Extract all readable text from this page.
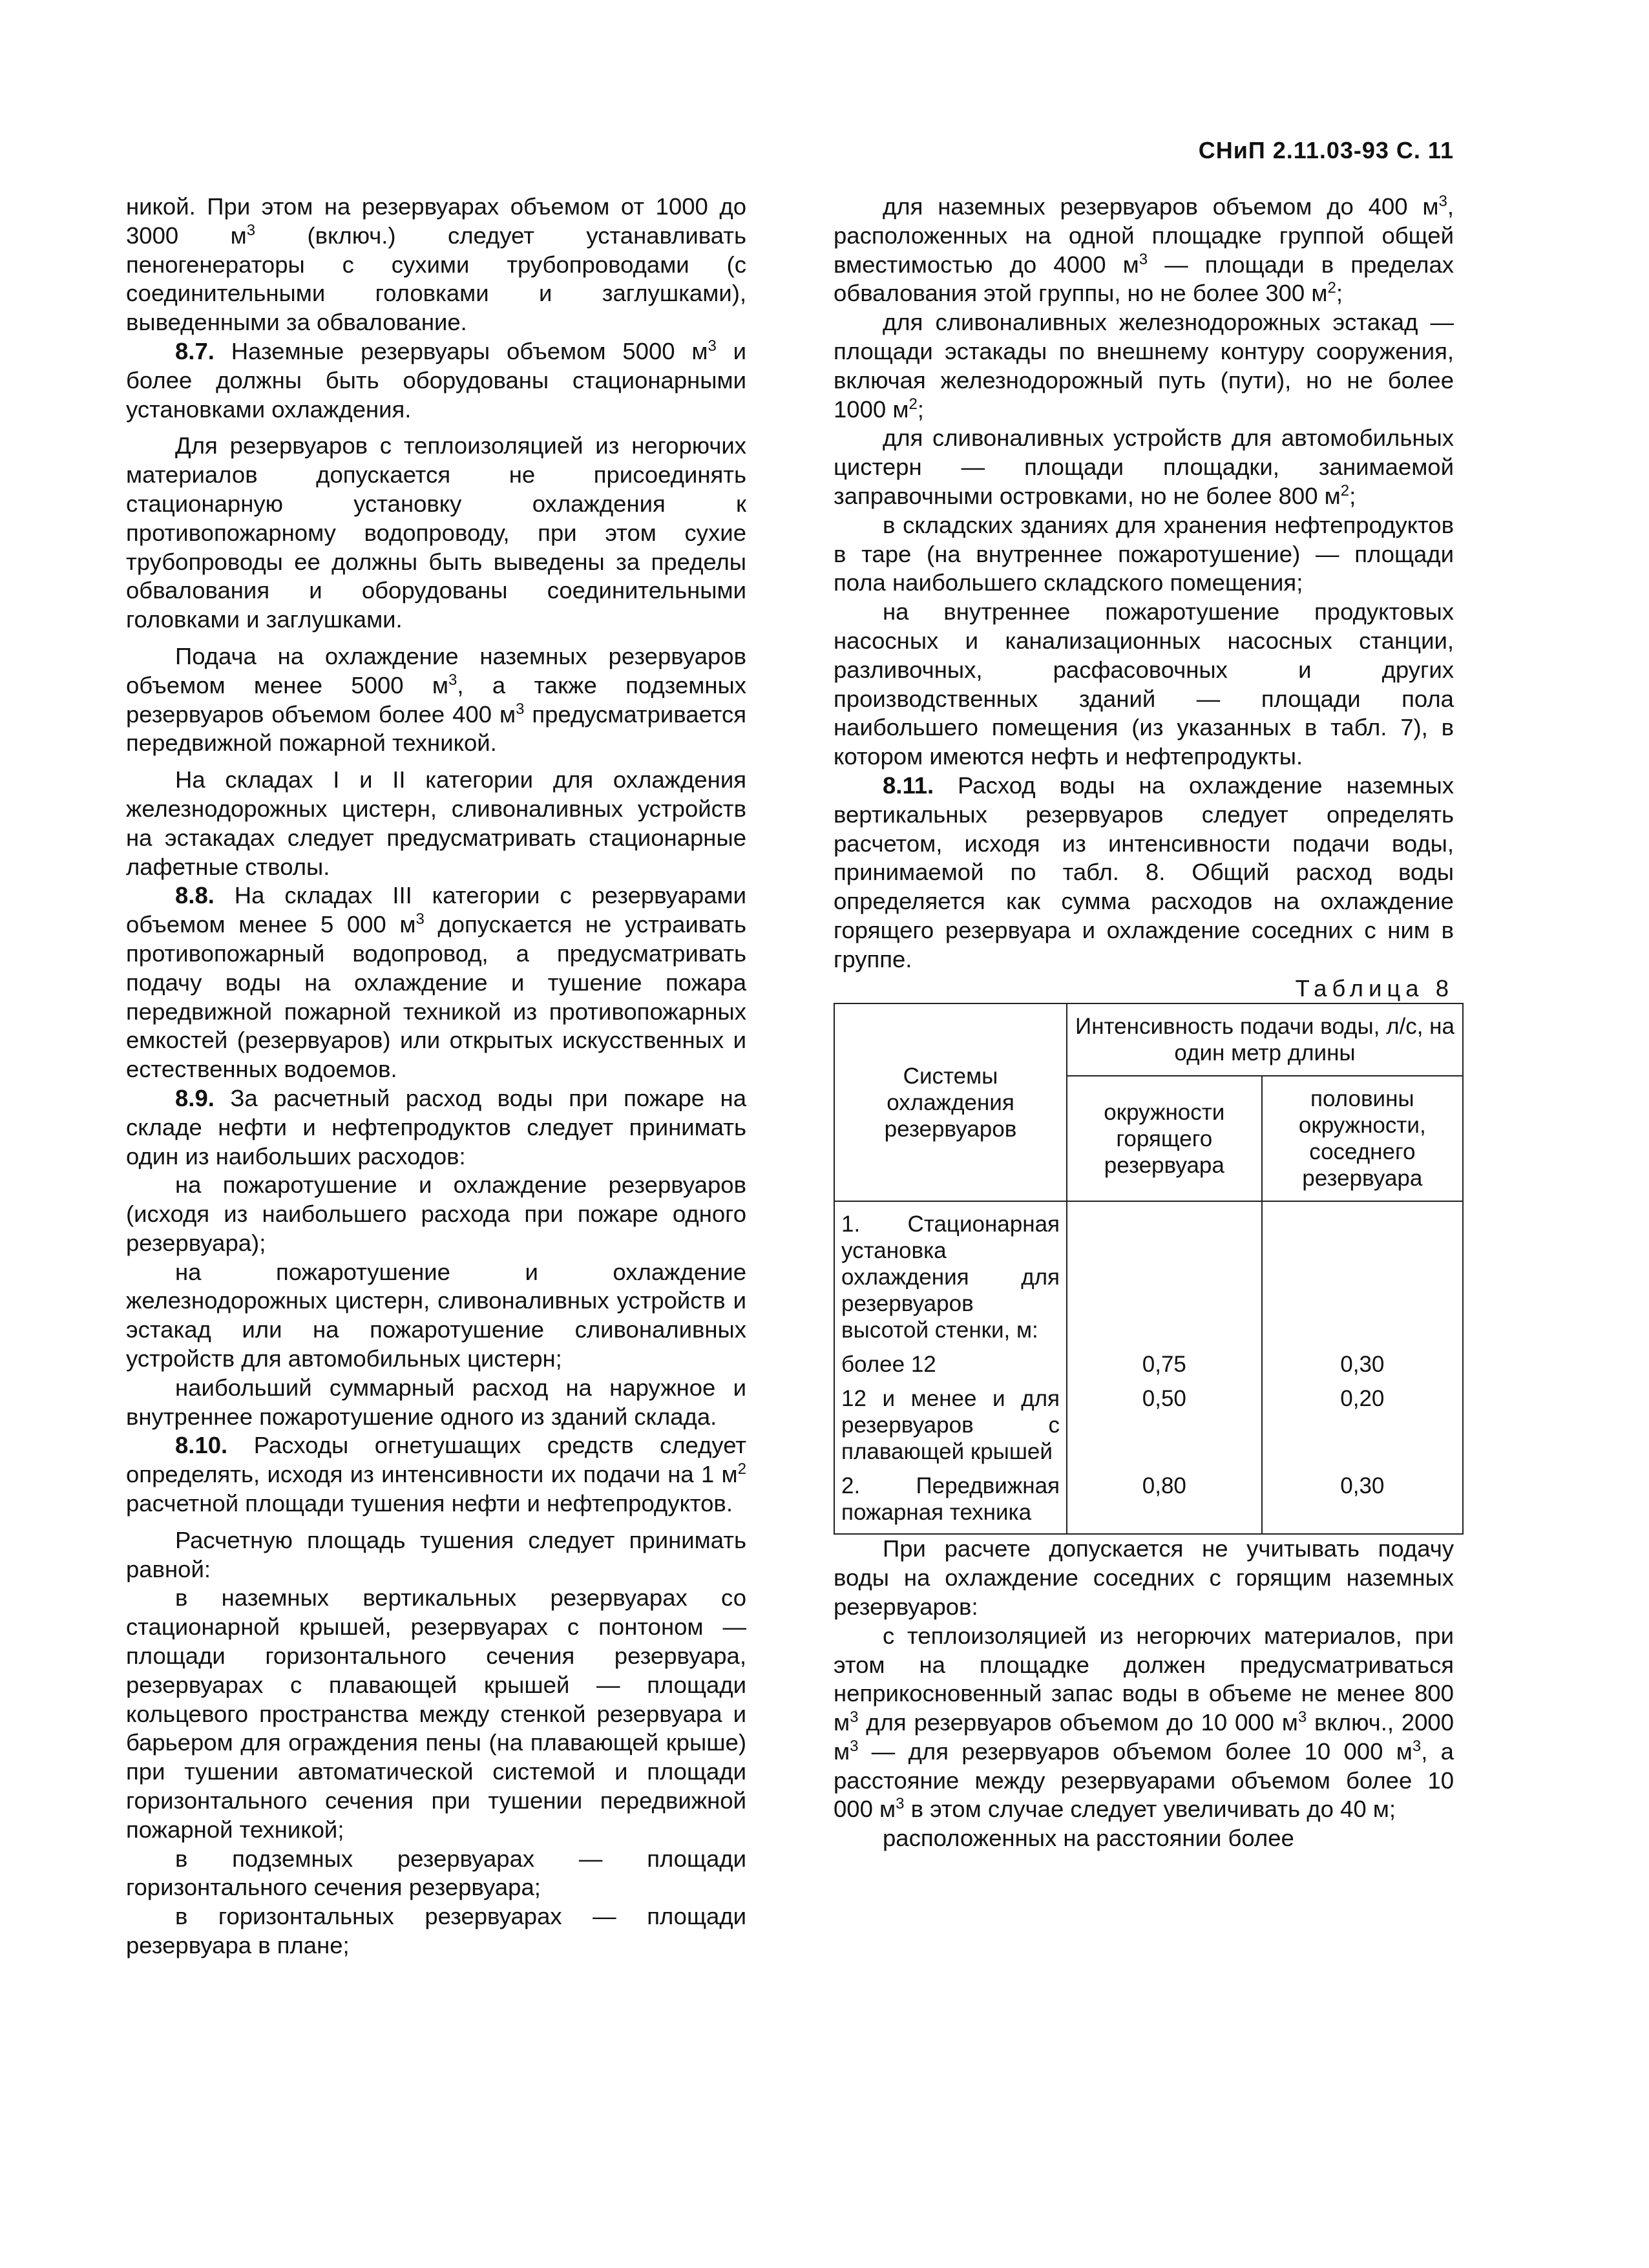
СНиП 2.11.03-93 С. 11

никой. При этом на резервуарах объемом от 1000 до 3000 $м^3$ (включ.) следует устанавливать пеногенераторы с сухими трубопроводами (с соединительными головками и заглушками), выведенными за обвалование.

8.7. Наземные резервуары объемом 5000 $м^3$ и более должны быть оборудованы стационарными установками охлаждения.

Для резервуаров с теплоизоляцией из негорючих материалов допускается не присоединять стационарную установку охлаждения к противопожарному водопроводу, при этом сухие трубопроводы ее должны быть выведены за пределы обвалования и оборудованы соединительными головками и заглушками.

Подача на охлаждение наземных резервуаров объемом менее 5000 $м^3$, а также подземных резервуаров объемом более 400 $м^3$ предусматривается передвижной пожарной техникой.

На складах I и II категории для охлаждения железнодорожных цистерн, сливоналивных устройств на эстакадах следует предусматривать стационарные лафетные стволы.

8.8. На складах III категории с резервуарами объемом менее 5 000 $м^3$ допускается не устраивать противопожарный водопровод, а предусматривать подачу воды на охлаждение и тушение пожара передвижной пожарной техникой из противопожарных емкостей (резервуаров) или открытых искусственных и естественных водоемов.

8.9. За расчетный расход воды при пожаре на складе нефти и нефтепродуктов следует принимать один из наибольших расходов:

на пожаротушение и охлаждение резервуаров (исходя из наибольшего расхода при пожаре одного резервуара);

на пожаротушение и охлаждение железнодорожных цистерн, сливоналивных устройств и эстакад или на пожаротушение сливоналивных устройств для автомобильных цистерн;

наибольший суммарный расход на наружное и внутреннее пожаротушение одного из зданий склада.

8.10. Расходы огнетушащих средств следует определять, исходя из интенсивности их подачи на 1 $м^2$ расчетной площади тушения нефти и нефтепродуктов.

Расчетную площадь тушения следует принимать равной:

в наземных вертикальных резервуарах со стационарной крышей, резервуарах с понтоном — площади горизонтального сечения резервуара, резервуарах с плавающей крышей — площади кольцевого пространства между стенкой резервуара и барьером для ограждения пены (на плавающей крыше) при тушении автоматической системой и площади горизонтального сечения при тушении передвижной пожарной техникой;

в подземных резервуарах — площади горизонтального сечения резервуара;

в горизонтальных резервуарах — площади резервуара в плане;

для наземных резервуаров объемом до 400 $м^3$, расположенных на одной площадке группой общей вместимостью до 4000 $м^3$ — площади в пределах обвалования этой группы, но не более 300 $м^2$;

для сливоналивных железнодорожных эстакад — площади эстакады по внешнему контуру сооружения, включая железнодорожный путь (пути), но не более 1000 $м^2$;

для сливоналивных устройств для автомобильных цистерн — площади площадки, занимаемой заправочными островками, но не более 800 $м^2$;

в складских зданиях для хранения нефтепродуктов в таре (на внутреннее пожаротушение) — площади пола наибольшего складского помещения;

на внутреннее пожаротушение продуктовых насосных и канализационных насосных станции, разливочных, расфасовочных и других производственных зданий — площади пола наибольшего помещения (из указанных в табл. 7), в котором имеются нефть и нефтепродукты.

8.11. Расход воды на охлаждение наземных вертикальных резервуаров следует определять расчетом, исходя из интенсивности подачи воды, принимаемой по табл. 8. Общий расход воды определяется как сумма расходов на охлаждение горящего резервуара и охлаждение соседних с ним в группе.

Таблица 8

Системы охлаждения резервуаров	Интенсивность подачи воды, л/с, на один метр длины	
	окружности горящего резервуара	половины окружности, соседнего резервуара
1. Стационарная установка охлаждения для резервуаров высотой стенки, м:		
более 12	0,75	0,30
12 и менее и для резервуаров с плавающей крышей	0,50	0,20
2. Передвижная пожарная техника	0,80	0,30

При расчете допускается не учитывать подачу воды на охлаждение соседних с горящим наземных резервуаров:

с теплоизоляцией из негорючих материалов, при этом на площадке должен предусматриваться неприкосновенный запас воды в объеме не менее 800 $м^3$ для резервуаров объемом до 10 000 $м^3$ включ., 2000 $м^3$ — для резервуаров объемом более 10 000 $м^3$, а расстояние между резервуарами объемом более 10 000 $м^3$ в этом случае следует увеличивать до 40 м;

расположенных на расстоянии более
